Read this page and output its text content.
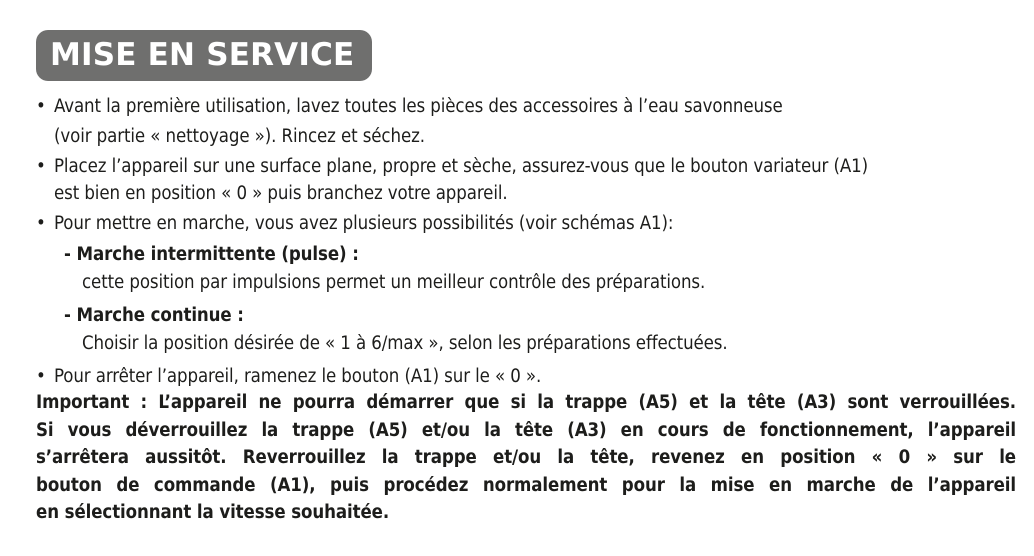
MISE EN SERVICE
• Avant la première utilisation, lavez toutes les pièces des accessoires à l’eau savonneuse
(voir partie « nettoyage »). Rincez et séchez.
• Placez l’appareil sur une surface plane, propre et sèche, assurez-vous que le bouton variateur (A1)
est bien en position « 0 » puis branchez votre appareil.
• Pour mettre en marche, vous avez plusieurs possibilités (voir schémas A1):
- Marche intermittente (pulse) :
cette position par impulsions permet un meilleur contrôle des préparations.
- Marche continue :
Choisir la position désirée de « 1 à 6/max », selon les préparations effectuées.
• Pour arrêter l’appareil, ramenez le bouton (A1) sur le « 0 ».
Important : L’appareil ne pourra démarrer que si la trappe (A5) et la tête (A3) sont verrouillées.
Si vous déverrouillez la trappe (A5) et/ou la tête (A3) en cours de fonctionnement, l’appareil
s’arrêtera aussitôt. Reverrouillez la trappe et/ou la tête, revenez en position « 0 » sur le
bouton de commande (A1), puis procédez normalement pour la mise en marche de l’appareil
en sélectionnant la vitesse souhaitée.
